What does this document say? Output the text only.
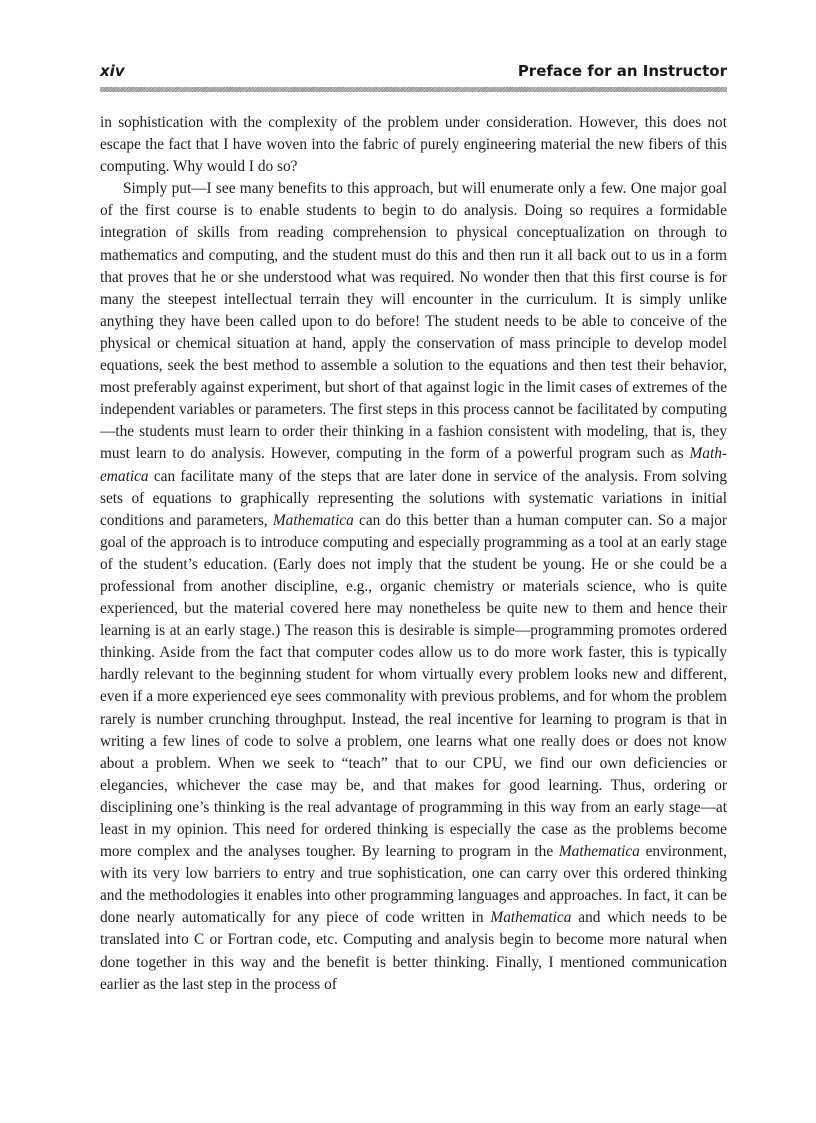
xiv	Preface for an Instructor

in sophistication with the complexity of the problem under consideration. However, this does not escape the fact that I have woven into the fabric of purely engineering material the new fibers of this computing. Why would I do so?

Simply put—I see many benefits to this approach, but will enumerate only a few. One major goal of the first course is to enable students to begin to do analysis. Doing so requires a formidable integration of skills from reading comprehension to physical conceptualization on through to mathematics and computing, and the student must do this and then run it all back out to us in a form that proves that he or she understood what was required. No wonder then that this first course is for many the steepest intellectual terrain they will encounter in the curriculum. It is simply unlike anything they have been called upon to do before! The student needs to be able to conceive of the physical or chemical situation at hand, apply the conservation of mass principle to develop model equations, seek the best method to assemble a solution to the equations and then test their behavior, most preferably against experiment, but short of that against logic in the limit cases of extremes of the independent variables or parameters. The first steps in this process cannot be facilitated by computing—the students must learn to order their thinking in a fashion consistent with modeling, that is, they must learn to do analysis. However, computing in the form of a powerful program such as Mathematica can facilitate many of the steps that are later done in service of the analysis. From solving sets of equations to graphically representing the solutions with systematic variations in initial conditions and parameters, Mathematica can do this better than a human computer can. So a major goal of the approach is to introduce computing and especially programming as a tool at an early stage of the student’s education. (Early does not imply that the student be young. He or she could be a professional from another discipline, e.g., organic chemistry or materials science, who is quite experienced, but the material covered here may nonetheless be quite new to them and hence their learning is at an early stage.) The reason this is desirable is simple—programming promotes ordered thinking. Aside from the fact that computer codes allow us to do more work faster, this is typically hardly relevant to the beginning student for whom virtually every problem looks new and different, even if a more experienced eye sees commonality with previous problems, and for whom the problem rarely is number crunching throughput. Instead, the real incentive for learning to program is that in writing a few lines of code to solve a problem, one learns what one really does or does not know about a problem. When we seek to “teach” that to our CPU, we find our own deficiencies or elegancies, whichever the case may be, and that makes for good learning. Thus, ordering or disciplining one’s thinking is the real advantage of programming in this way from an early stage—at least in my opinion. This need for ordered thinking is especially the case as the problems become more complex and the analyses tougher. By learning to program in the Mathematica environment, with its very low barriers to entry and true sophistication, one can carry over this ordered thinking and the methodologies it enables into other programming languages and approaches. In fact, it can be done nearly automatically for any piece of code written in Mathematica and which needs to be translated into C or Fortran code, etc. Computing and analysis begin to become more natural when done together in this way and the benefit is better thinking. Finally, I mentioned communication earlier as the last step in the process of
